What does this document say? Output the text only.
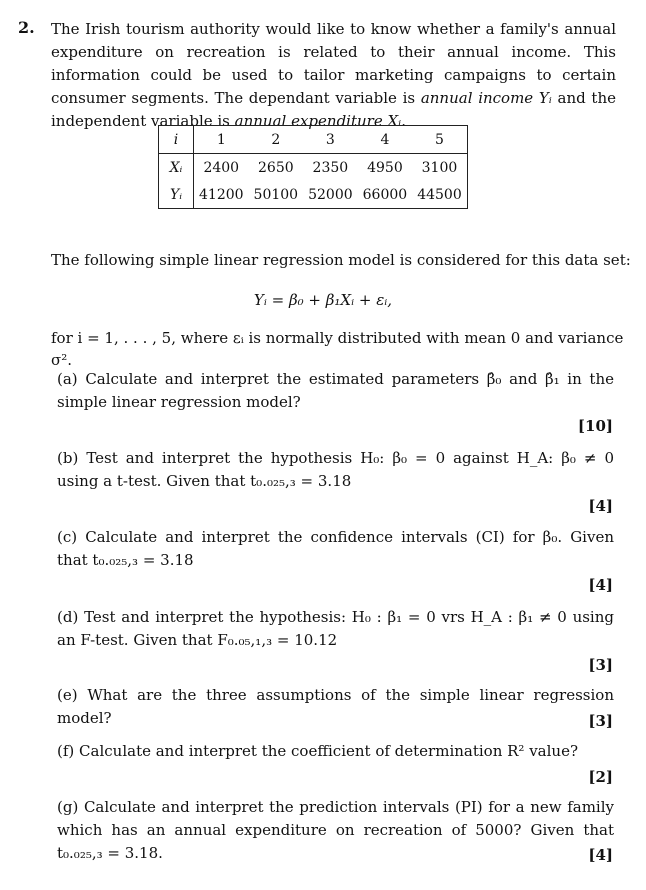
2. The Irish tourism authority would like to know whether a family's annual expenditure on recreation is related to their annual income. This information could be used to tailor marketing campaigns to certain consumer segments. The dependant variable is annual income Yᵢ and the independent variable is annual expenditure Xᵢ.
i	1	2	3	4	5
Xᵢ	2400	2650	2350	4950	3100
Yᵢ	41200	50100	52000	66000	44500
The following simple linear regression model is considered for this data set:
Yᵢ = β₀ + β₁Xᵢ + εᵢ,
for i = 1, . . . , 5, where εᵢ is normally distributed with mean 0 and variance σ².
(a) Calculate and interpret the estimated parameters β̂₀ and β̂₁ in the simple linear regression model?
[10]
(b) Test and interpret the hypothesis H₀: β₀ = 0 against H_A: β₀ ≠ 0 using a t-test. Given that t₀.₀₂₅,₃ = 3.18
[4]
(c) Calculate and interpret the confidence intervals (CI) for β₀. Given that t₀.₀₂₅,₃ = 3.18
[4]
(d) Test and interpret the hypothesis: H₀ : β₁ = 0 vrs H_A : β₁ ≠ 0 using an F-test. Given that F₀.₀₅,₁,₃ = 10.12
[3]
(e) What are the three assumptions of the simple linear regression model?	[3]
(f) Calculate and interpret the coefficient of determination R² value?
[2]
(g) Calculate and interpret the prediction intervals (PI) for a new family which has an annual expenditure on recreation of 5000? Given that t₀.₀₂₅,₃ = 3.18.	[4]
